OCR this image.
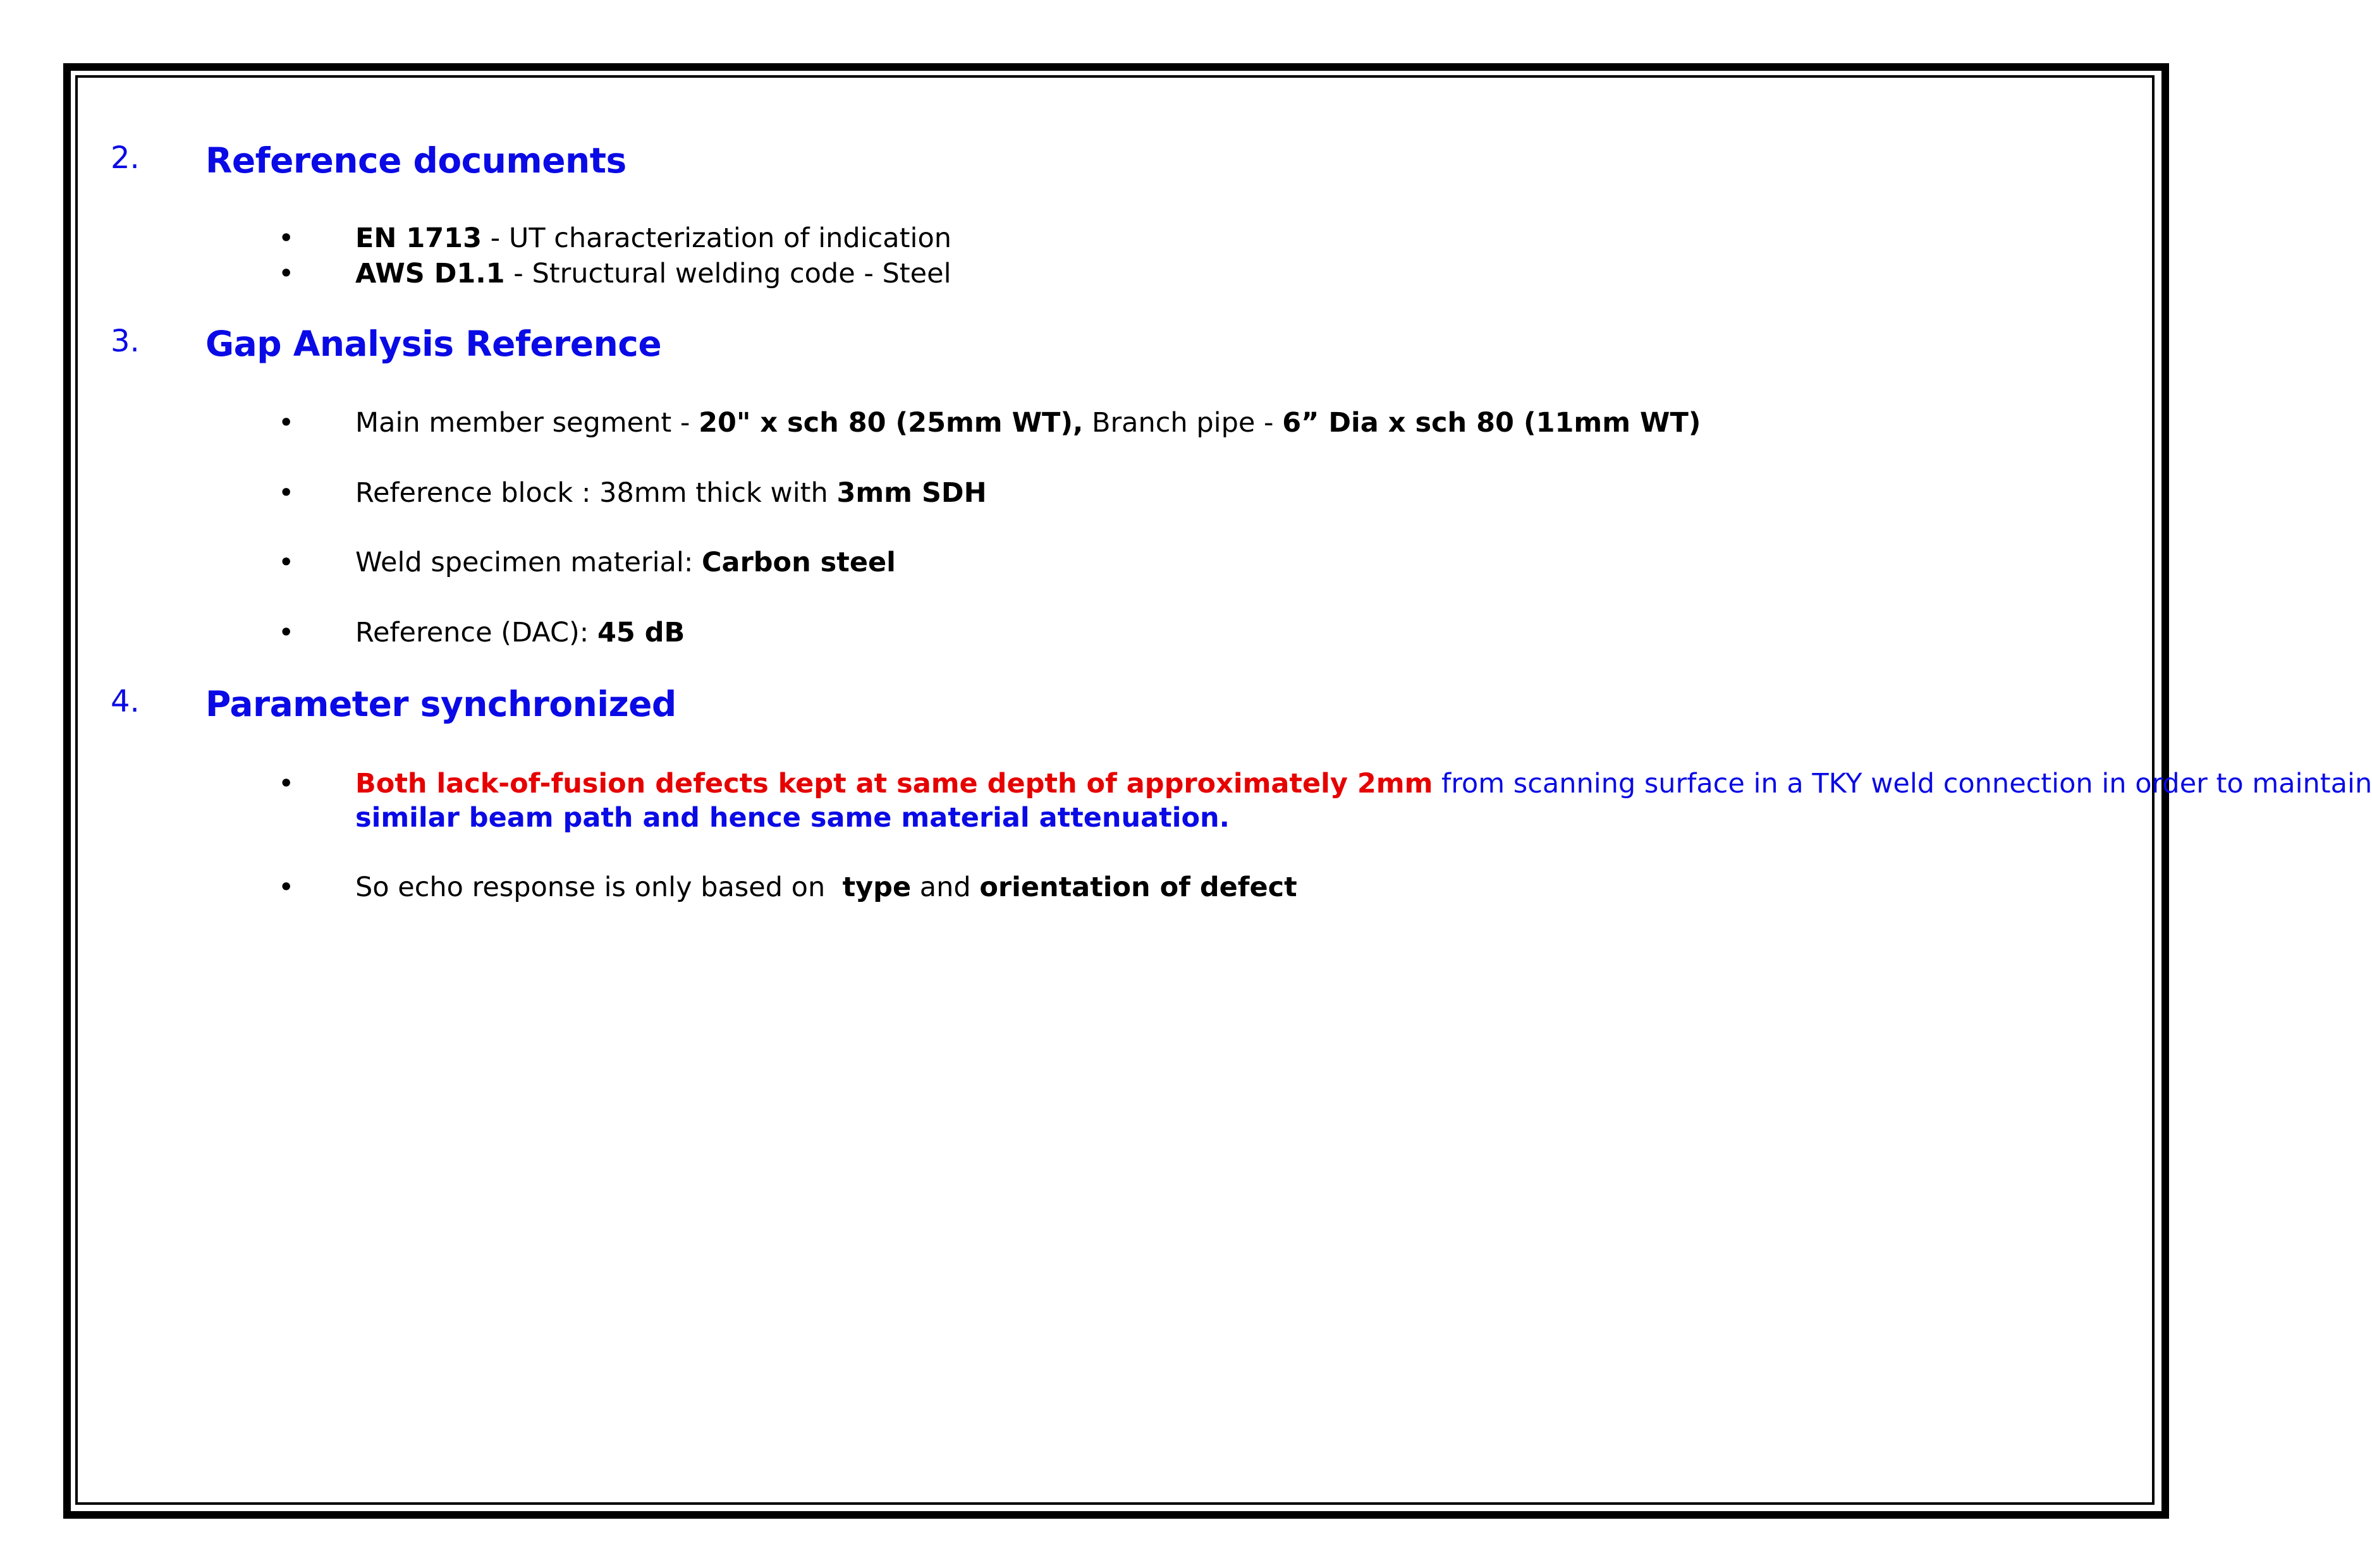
2. Reference documents
• EN 1713 - UT characterization of indication
• AWS D1.1 - Structural welding code - Steel
3. Gap Analysis Reference
• Main member segment - 20" x sch 80 (25mm WT), Branch pipe - 6” Dia x sch 80 (11mm WT)
• Reference block : 38mm thick with 3mm SDH
• Weld specimen material: Carbon steel
• Reference (DAC): 45 dB
4. Parameter synchronized
• Both lack-of-fusion defects kept at same depth of approximately 2mm from scanning surface in a TKY weld connection in order to maintain
similar beam path and hence same material attenuation.
• So echo response is only based on  type and orientation of defect
